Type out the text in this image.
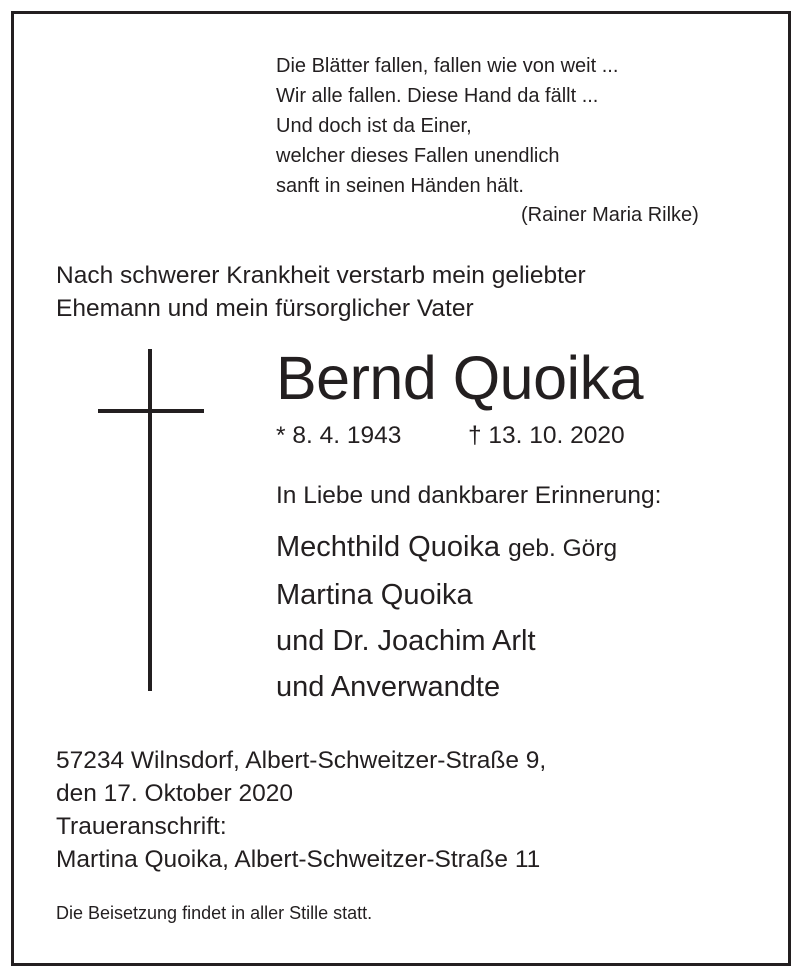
Die Blätter fallen, fallen wie von weit ...
Wir alle fallen. Diese Hand da fällt ...
Und doch ist da Einer,
welcher dieses Fallen unendlich
sanft in seinen Händen hält.
(Rainer Maria Rilke)
Nach schwerer Krankheit verstarb mein geliebter
Ehemann und mein fürsorglicher Vater
Bernd Quoika
* 8. 4. 1943	† 13. 10. 2020
In Liebe und dankbarer Erinnerung:
Mechthild Quoika geb. Görg
Martina Quoika
und Dr. Joachim Arlt
und Anverwandte
57234 Wilnsdorf, Albert-Schweitzer-Straße 9,
den 17. Oktober 2020
Traueranschrift:
Martina Quoika, Albert-Schweitzer-Straße 11
Die Beisetzung findet in aller Stille statt.
